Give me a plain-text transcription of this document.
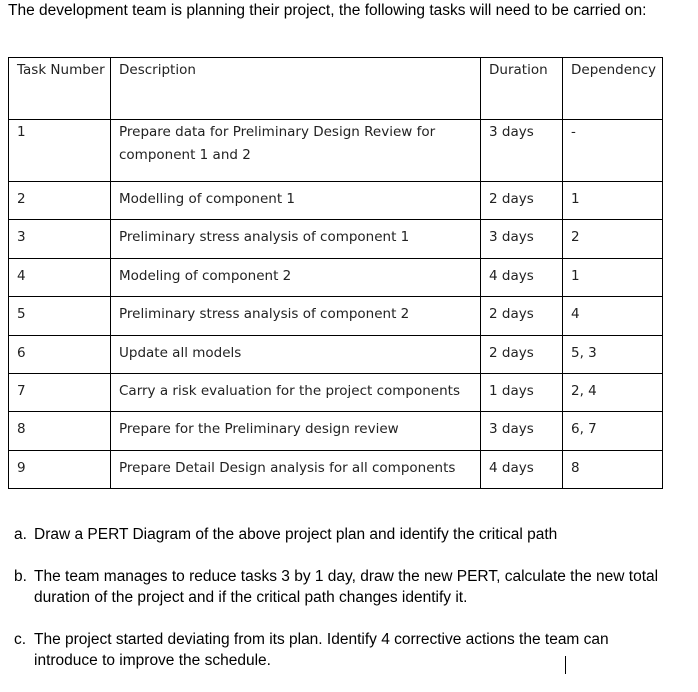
The development team is planning their project, the following tasks will need to be carried on:
Task Number	Description	Duration	Dependency
1	Prepare data for Preliminary Design Review for component 1 and 2	3 days	-
2	Modelling of component 1	2 days	1
3	Preliminary stress analysis of component 1	3 days	2
4	Modeling of component 2	4 days	1
5	Preliminary stress analysis of component 2	2 days	4
6	Update all models	2 days	5, 3
7	Carry a risk evaluation for the project components	1 days	2, 4
8	Prepare for the Preliminary design review	3 days	6, 7
9	Prepare Detail Design analysis for all components	4 days	8
a. Draw a PERT Diagram of the above project plan and identify the critical path
b. The team manages to reduce tasks 3 by 1 day, draw the new PERT, calculate the new total duration of the project and if the critical path changes identify it.
c. The project started deviating from its plan. Identify 4 corrective actions the team can introduce to improve the schedule.
